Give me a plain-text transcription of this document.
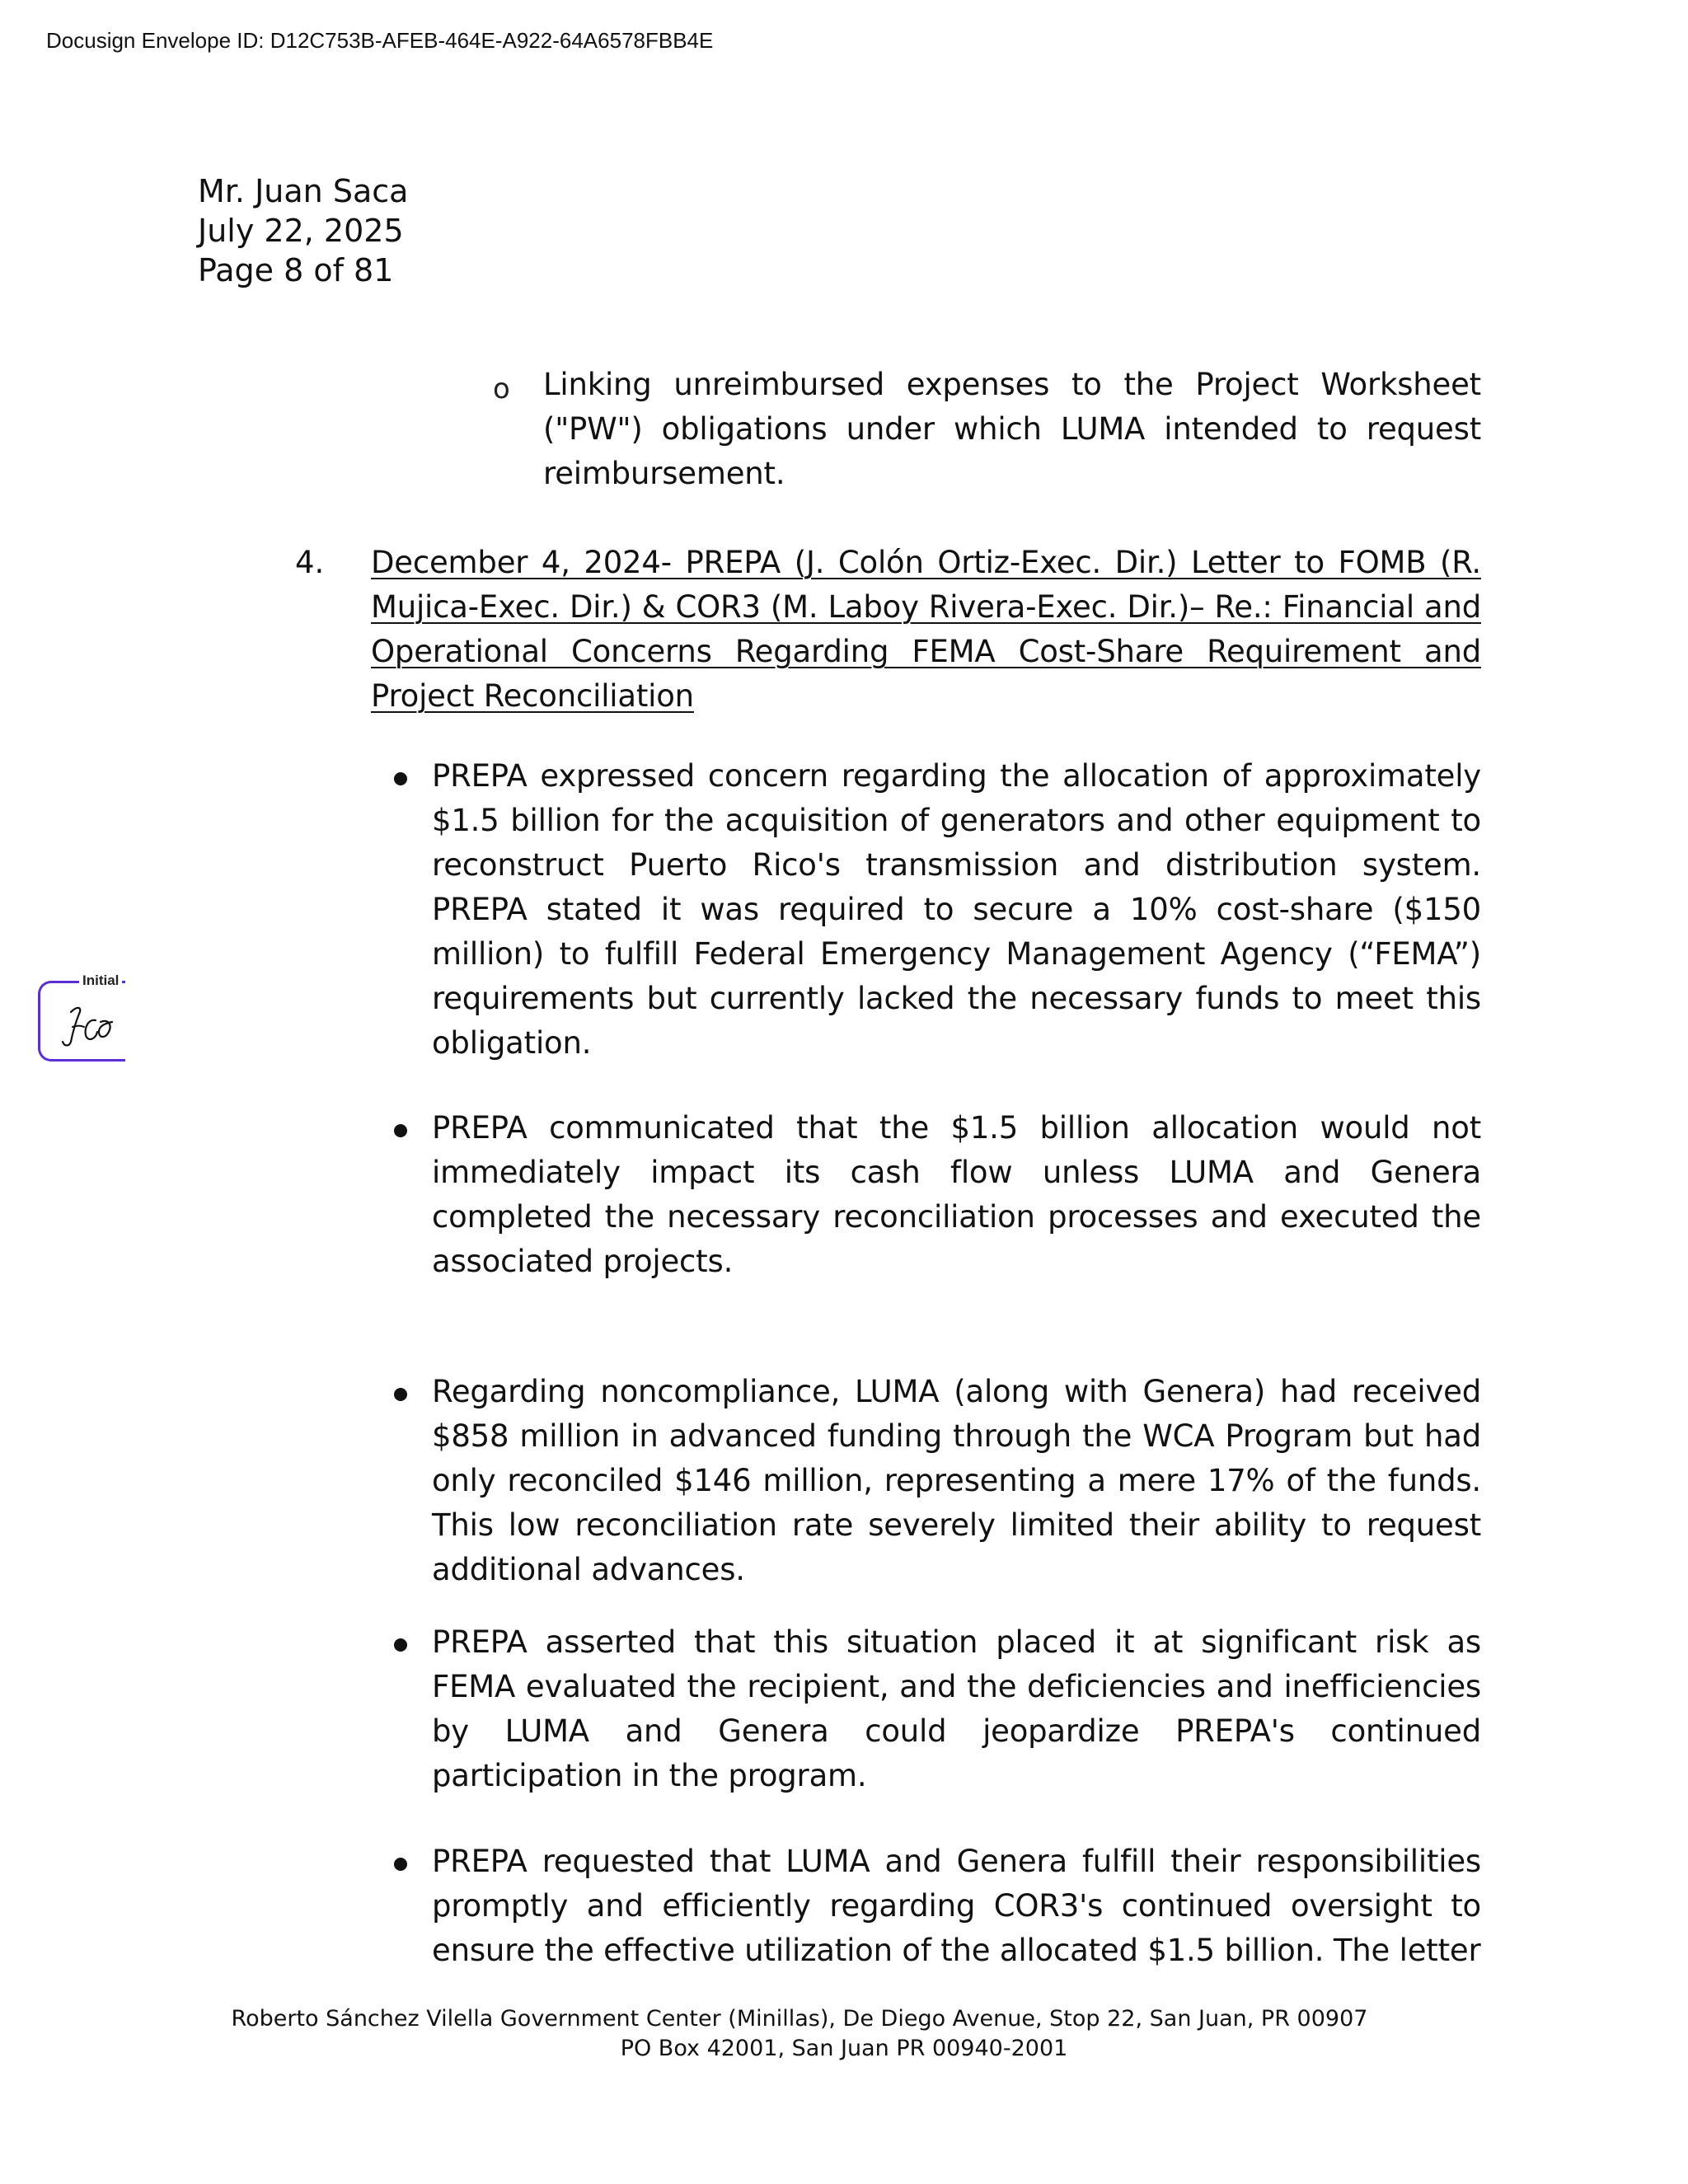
Docusign Envelope ID: D12C753B-AFEB-464E-A922-64A6578FBB4E
Mr. Juan Saca
July 22, 2025
Page 8 of 81
o Linking unreimbursed expenses to the Project Worksheet ("PW") obligations under which LUMA intended to request reimbursement.
4. December 4, 2024- PREPA (J. Colón Ortiz-Exec. Dir.) Letter to FOMB (R. Mujica-Exec. Dir.) & COR3 (M. Laboy Rivera-Exec. Dir.)– Re.: Financial and Operational Concerns Regarding FEMA Cost-Share Requirement and Project Reconciliation
PREPA expressed concern regarding the allocation of approximately $1.5 billion for the acquisition of generators and other equipment to reconstruct Puerto Rico's transmission and distribution system. PREPA stated it was required to secure a 10% cost-share ($150 million) to fulfill Federal Emergency Management Agency (“FEMA”) requirements but currently lacked the necessary funds to meet this obligation.
PREPA communicated that the $1.5 billion allocation would not immediately impact its cash flow unless LUMA and Genera completed the necessary reconciliation processes and executed the associated projects.
Regarding noncompliance, LUMA (along with Genera) had received $858 million in advanced funding through the WCA Program but had only reconciled $146 million, representing a mere 17% of the funds. This low reconciliation rate severely limited their ability to request additional advances.
PREPA asserted that this situation placed it at significant risk as FEMA evaluated the recipient, and the deficiencies and inefficiencies by LUMA and Genera could jeopardize PREPA's continued participation in the program.
PREPA requested that LUMA and Genera fulfill their responsibilities promptly and efficiently regarding COR3's continued oversight to ensure the effective utilization of the allocated $1.5 billion. The letter
Initial
Roberto Sánchez Vilella Government Center (Minillas), De Diego Avenue, Stop 22, San Juan, PR 00907
PO Box 42001, San Juan PR 00940-2001
